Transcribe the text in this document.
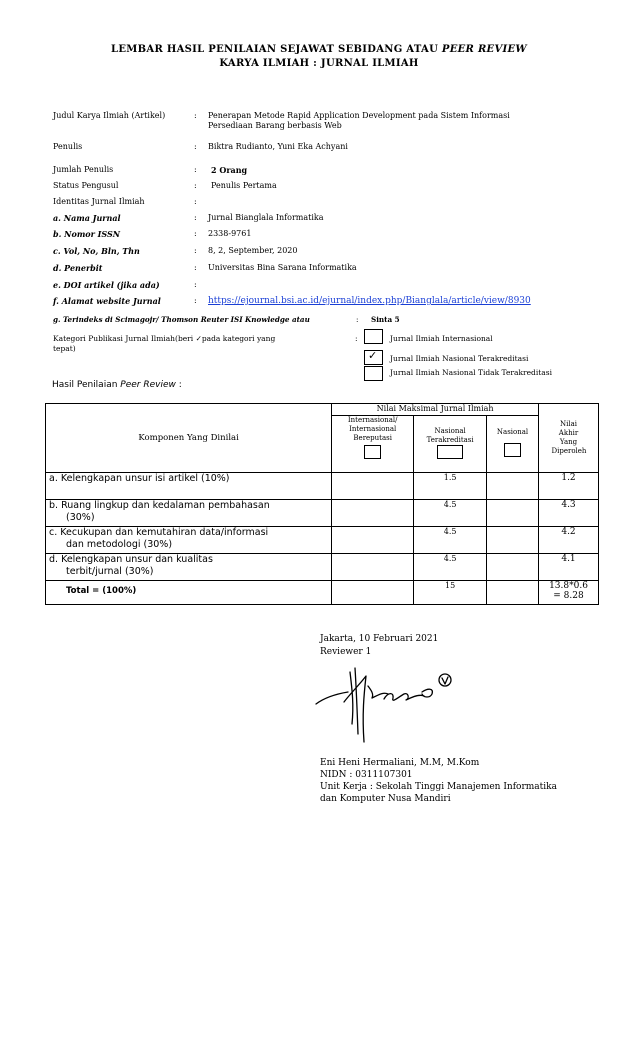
LEMBAR HASIL PENILAIAN SEJAWAT SEBIDANG ATAU PEER REVIEW
KARYA ILMIAH : JURNAL ILMIAH
Judul Karya Ilmiah (Artikel)	: Penerapan Metode Rapid Application Development pada Sistem Informasi
Persediaan Barang berbasis Web
Penulis	: Biktra Rudianto, Yuni Eka Achyani
Jumlah Penulis	: 2 Orang
Status Pengusul	: Penulis Pertama
Identitas Jurnal Ilmiah	:
a. Nama Jurnal	: Jurnal Bianglala Informatika
b. Nomor ISSN	: 2338-9761
c. Vol, No, Bln, Thn	: 8, 2, September, 2020
d. Penerbit	: Universitas Bina Sarana Informatika
e. DOI artikel (jika ada)	:
f. Alamat website Jurnal	: https://ejournal.bsi.ac.id/ejurnal/index.php/Bianglala/article/view/8930
g. Terindeks di Scimagojr/ Thomson Reuter ISI Knowledge atau	: Sinta 5
Kategori Publikasi Jurnal Ilmiah(beri ✓pada kategori yang
tepat)
:
✓
Jurnal Ilmiah Internasional
Jurnal Ilmiah Nasional Terakreditasi
Jurnal Ilmiah Nasional Tidak Terakreditasi
Hasil Penilaian Peer Review :
Komponen Yang Dinilai	Nilai Maksimal Jurnal Ilmiah			Nilai Akhir Yang Diperoleh

	Internasional/ Internasional Bereputasi	Nasional Terakreditasi	Nasional	

a. Kelengkapan unsur isi artikel (10%)		1.5		1.2

b. Ruang lingkup dan kedalaman pembahasan
(30%)		4.5		4.3

c. Kecukupan dan kemutahiran data/informasi
dan metodologi (30%)		4.5		4.2

d. Kelengkapan unsur dan kualitas
terbit/jurnal (30%)		4.5		4.1
Total = (100%)		15		13.8*0.6
= 8.28
Jakarta, 10 Februari 2021
Reviewer 1
Eni Heni Hermaliani, M.M, M.Kom
NIDN : 0311107301
Unit Kerja : Sekolah Tinggi Manajemen Informatika
dan Komputer Nusa Mandiri
